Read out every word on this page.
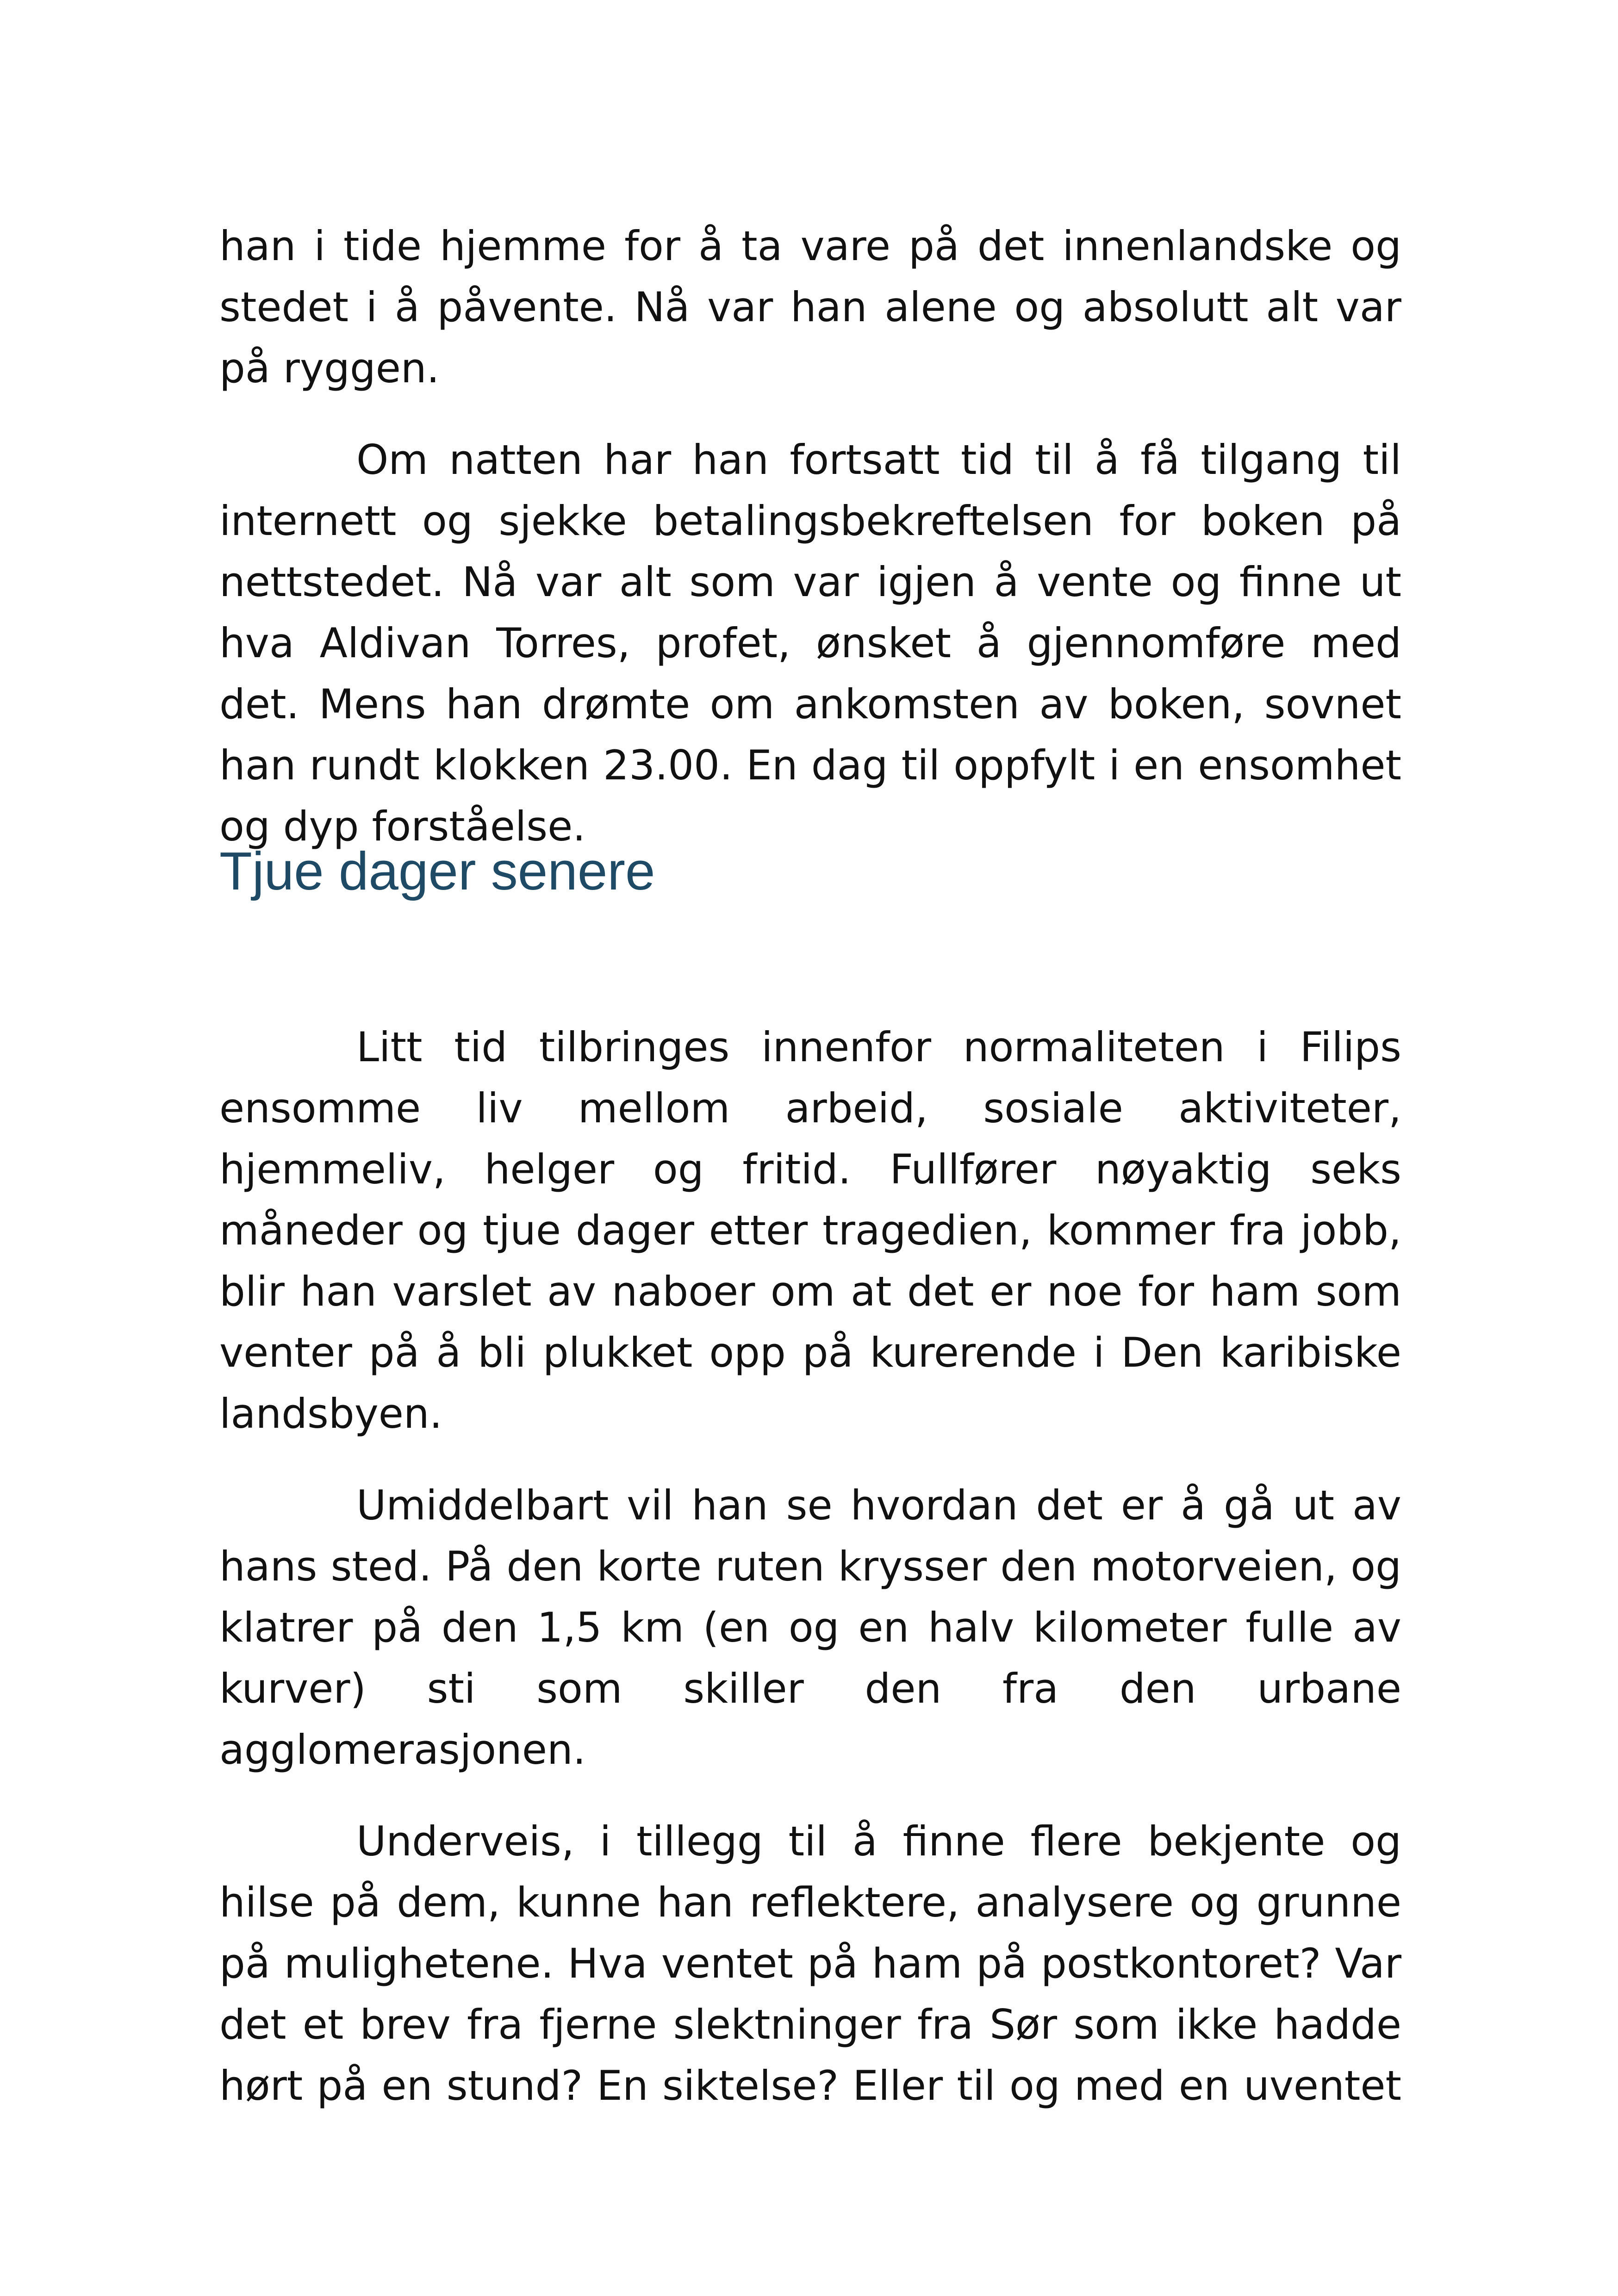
han i tide hjemme for å ta vare på det innenlandske og stedet i å påvente. Nå var han alene og absolutt alt var på ryggen.

Om natten har han fortsatt tid til å få tilgang til internett og sjekke betalingsbekreftelsen for boken på nettstedet. Nå var alt som var igjen å vente og finne ut hva Aldivan Torres, profet, ønsket å gjennomføre med det. Mens han drømte om ankomsten av boken, sovnet han rundt klokken 23.00. En dag til oppfylt i en ensomhet og dyp forståelse.

Tjue dager senere

Litt tid tilbringes innenfor normaliteten i Filips ensomme liv mellom arbeid, sosiale aktiviteter, hjemmeliv, helger og fritid. Fullfører nøyaktig seks måneder og tjue dager etter tragedien, kommer fra jobb, blir han varslet av naboer om at det er noe for ham som venter på å bli plukket opp på kurerende i Den karibiske landsbyen.

Umiddelbart vil han se hvordan det er å gå ut av hans sted. På den korte ruten krysser den motorveien, og klatrer på den 1,5 km (en og en halv kilometer fulle av kurver) sti som skiller den fra den urbane agglomerasjonen.

Underveis, i tillegg til å finne flere bekjente og hilse på dem, kunne han reflektere, analysere og grunne på mulighetene. Hva ventet på ham på postkontoret? Var det et brev fra fjerne slektninger fra Sør som ikke hadde hørt på en stund? En siktelse? Eller til og med en uventet
